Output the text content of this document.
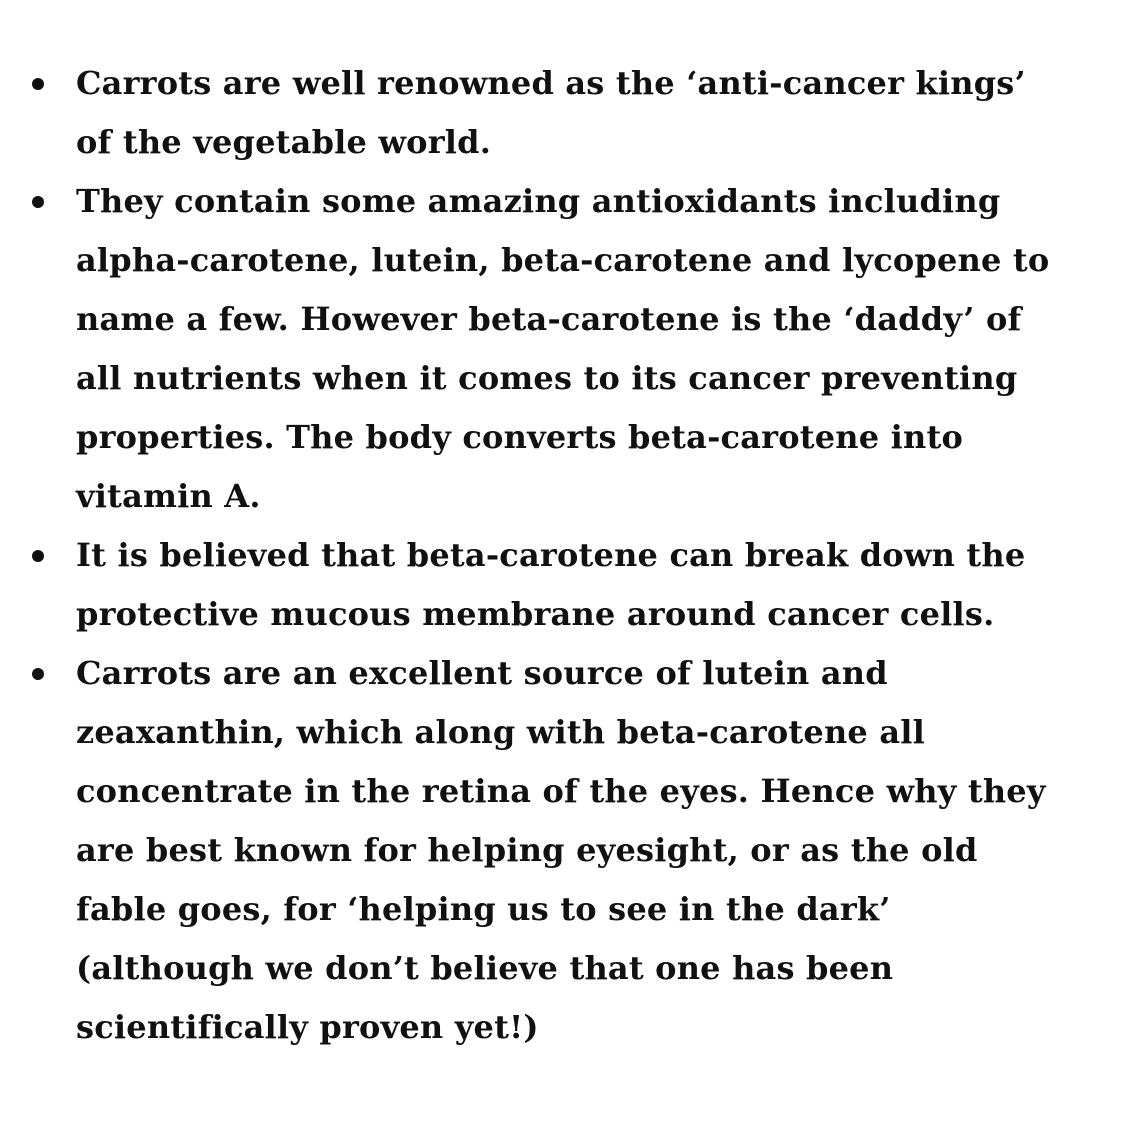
Carrots are well renowned as the ‘anti-cancer kings’
of the vegetable world.

They contain some amazing antioxidants including
alpha-carotene, lutein, beta-carotene and lycopene to
name a few. However beta-carotene is the ‘daddy’ of
all nutrients when it comes to its cancer preventing
properties. The body converts beta-carotene into
vitamin A.

It is believed that beta-carotene can break down the
protective mucous membrane around cancer cells.

Carrots are an excellent source of lutein and
zeaxanthin, which along with beta-carotene all
concentrate in the retina of the eyes. Hence why they
are best known for helping eyesight, or as the old
fable goes, for ‘helping us to see in the dark’
(although we don’t believe that one has been
scientifically proven yet!)
